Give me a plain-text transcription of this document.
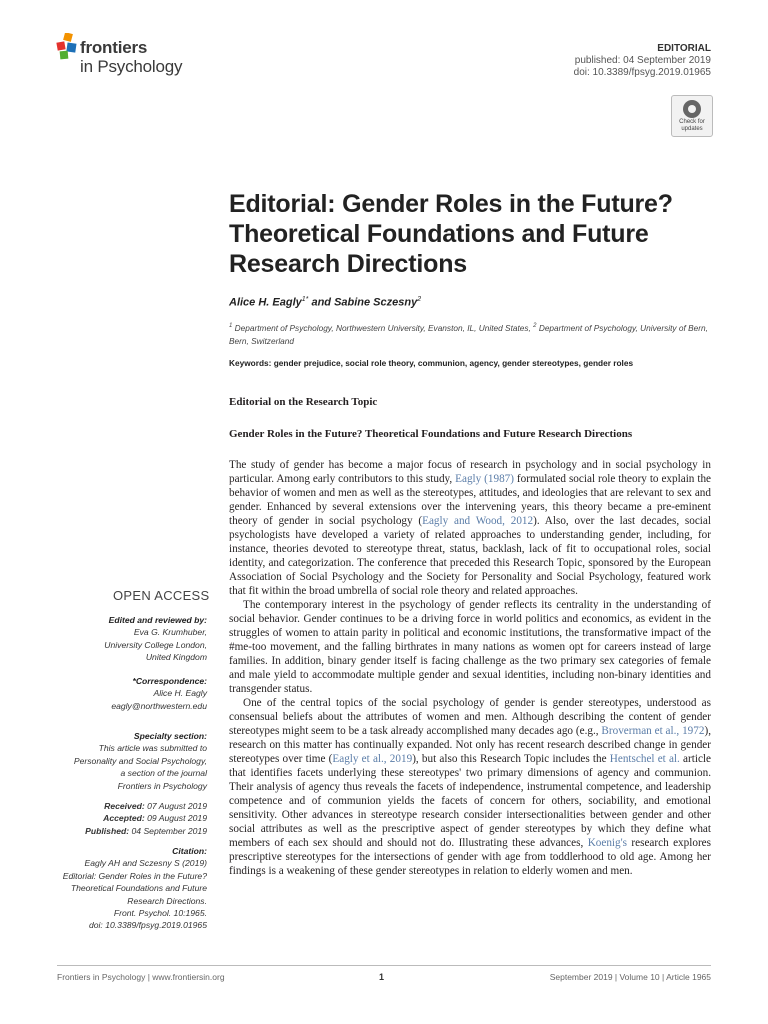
frontiers
in Psychology
EDITORIAL
published: 04 September 2019
doi: 10.3389/fpsyg.2019.01965
Check for
updates
Editorial: Gender Roles in the Future?
Theoretical Foundations and Future
Research Directions
Alice H. Eagly$^{1*}$ and Sabine Sczesny$^2$
$^1$ Department of Psychology, Northwestern University, Evanston, IL, United States, $^2$ Department of Psychology, University of Bern, Bern, Switzerland
Keywords: gender prejudice, social role theory, communion, agency, gender stereotypes, gender roles
Editorial on the Research Topic
Gender Roles in the Future? Theoretical Foundations and Future Research Directions

The study of gender has become a major focus of research in psychology and in social psychology in particular. Among early contributors to this study, Eagly (1987) formulated social role theory to explain the behavior of women and men as well as the stereotypes, attitudes, and ideologies that are relevant to sex and gender. Enhanced by several extensions over the intervening years, this theory became a pre-eminent theory of gender in social psychology (Eagly and Wood, 2012). Also, over the last decades, social psychologists have developed a variety of related approaches to understanding gender, including, for instance, theories devoted to stereotype threat, status, backlash, lack of fit to occupational roles, social identity, and categorization. The conference that preceded this Research Topic, sponsored by the European Association of Social Psychology and the Society for Personality and Social Psychology, featured work that fit within the broad umbrella of social role theory and related approaches.

The contemporary interest in the psychology of gender reflects its centrality in the understanding of social behavior. Gender continues to be a driving force in world politics and economics, as evident in the struggles of women to attain parity in political and economic institutions, the transformative impact of the #me-too movement, and the falling birthrates in many nations as women opt for careers instead of large families. In addition, binary gender itself is facing challenge as the two primary sex categories of female and male yield to accommodate multiple gender and sexual identities, including non-binary identities and transgender status.

One of the central topics of the social psychology of gender is gender stereotypes, understood as consensual beliefs about the attributes of women and men. Although describing the content of gender stereotypes might seem to be a task already accomplished many decades ago (e.g., Broverman et al., 1972), research on this matter has continually expanded. Not only has recent research described change in gender stereotypes over time (Eagly et al., 2019), but also this Research Topic includes the Hentschel et al. article that identifies facets underlying these stereotypes' two primary dimensions of agency and communion. Their analysis of agency thus reveals the facets of independence, instrumental competence, and leadership competence and of communion yields the facets of concern for others, sociability, and emotional sensitivity. Other advances in stereotype research consider intersectionalities between gender and other social attributes as well as the prescriptive aspect of gender stereotypes by which they define what members of each sex should and should not do. Illustrating these advances, Koenig's research explores prescriptive stereotypes for the intersections of gender with age from toddlerhood to old age. Among her findings is a weakening of these gender stereotypes in relation to elderly women and men.

OPEN ACCESS
Edited and reviewed by:
Eva G. Krumhuber,
University College London,
United Kingdom
*Correspondence:
Alice H. Eagly
eagly@northwestern.edu
Specialty section:
This article was submitted to
Personality and Social Psychology,
a section of the journal
Frontiers in Psychology
Received: 07 August 2019
Accepted: 09 August 2019
Published: 04 September 2019
Citation:
Eagly AH and Sczesny S (2019)
Editorial: Gender Roles in the Future?
Theoretical Foundations and Future
Research Directions.
Front. Psychol. 10:1965.
doi: 10.3389/fpsyg.2019.01965
Frontiers in Psychology | www.frontiersin.org	1	September 2019 | Volume 10 | Article 1965
